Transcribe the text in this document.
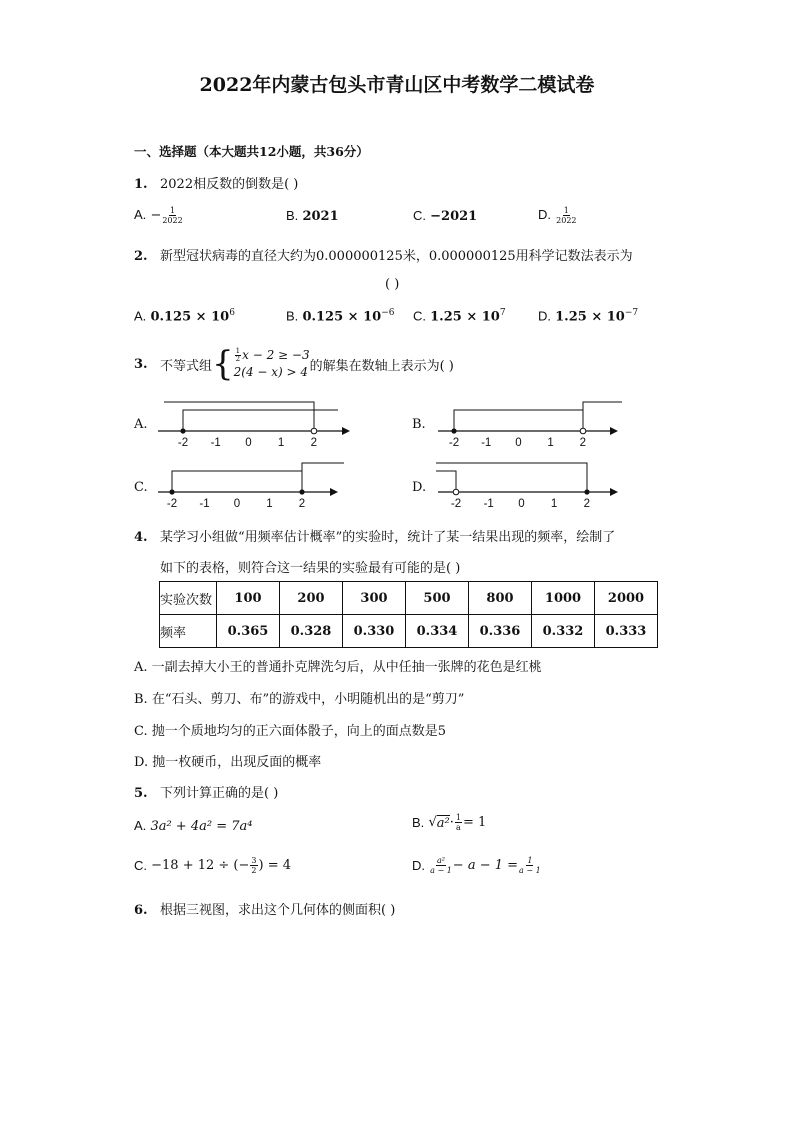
2022年内蒙古包头市青山区中考数学二模试卷
一、选择题（本大题共12小题，共36分）
1. 2022相反数的倒数是( )
A. − $\frac{1}{2022}$	B. 2021	C. −2021	D. $\frac{1}{2022}$
2. 新型冠状病毒的直径大约为0.000000125米，0.000000125用科学记数法表示为
( )
A. $0.125 \times 10^6$	B. $0.125 \times 10^{-6}$ C. $1.25 \times 10^7$ D. $1.25 \times 10^{-7}$
3. 不等式组 { $\frac{1}{2}$ x − 2 ≥ −3
2(4 − x) > 4 的解集在数轴上表示为( )
A.	B.
C.	D.
-2 -1 0 1 2	-2 -1 0 1 2
-2 -1 0 1 2	-2 -1 0 1 2
4. 某学习小组做“用频率估计概率”的实验时，统计了某一结果出现的频率，绘制了
如下的表格，则符合这一结果的实验最有可能的是( )
实验次数	100	200	300	500	800	1000	2000
频率	0.365	0.328	0.330	0.334	0.336	0.332	0.333
A. 一副去掉大小王的普通扑克牌洗匀后，从中任抽一张牌的花色是红桃
B. 在“石头、剪刀、布”的游戏中，小明随机出的是“剪刀”
C. 抛一个质地均匀的正六面体骰子，向上的面点数是5
D. 抛一枚硬币，出现反面的概率
5. 下列计算正确的是( )
A. 3a² + 4a² = 7a⁴	B.
√ $a^2 \cdot \frac{1}{a} = 1$
C.
−18 + 12 ÷ (− $\frac{3}{2}$ ) = 4	D.
$\frac{\text{a²}}{a - 1} - a - 1 = \frac{1}{a - 1}$
6. 根据三视图，求出这个几何体的侧面积( )
